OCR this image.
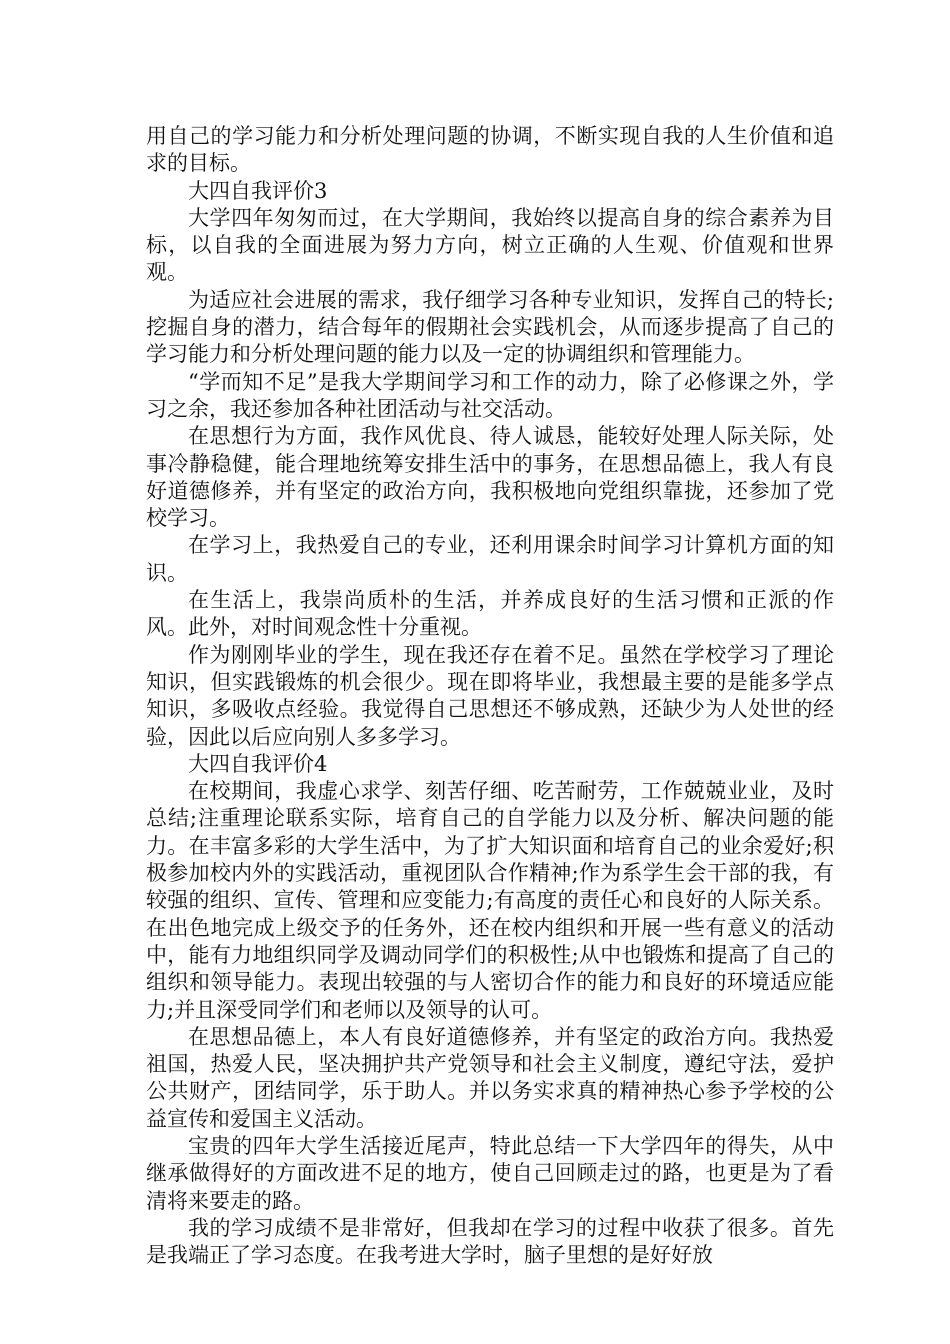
用自己的学习能力和分析处理问题的协调，不断实现自我的人生价值和追求的目标。

大四自我评价3

大学四年匆匆而过，在大学期间，我始终以提高自身的综合素养为目标，以自我的全面进展为努力方向，树立正确的人生观、价值观和世界观。

为适应社会进展的需求，我仔细学习各种专业知识，发挥自己的特长;挖掘自身的潜力，结合每年的假期社会实践机会，从而逐步提高了自己的学习能力和分析处理问题的能力以及一定的协调组织和管理能力。

“学而知不足”是我大学期间学习和工作的动力，除了必修课之外，学习之余，我还参加各种社团活动与社交活动。

在思想行为方面，我作风优良、待人诚恳，能较好处理人际关际，处事冷静稳健，能合理地统筹安排生活中的事务，在思想品德上，我人有良好道德修养，并有坚定的政治方向，我积极地向党组织靠拢，还参加了党校学习。

在学习上，我热爱自己的专业，还利用课余时间学习计算机方面的知识。

在生活上，我崇尚质朴的生活，并养成良好的生活习惯和正派的作风。此外，对时间观念性十分重视。

作为刚刚毕业的学生，现在我还存在着不足。虽然在学校学习了理论知识，但实践锻炼的机会很少。现在即将毕业，我想最主要的是能多学点知识，多吸收点经验。我觉得自己思想还不够成熟，还缺少为人处世的经验，因此以后应向别人多多学习。

大四自我评价4

在校期间，我虚心求学、刻苦仔细、吃苦耐劳，工作兢兢业业，及时总结;注重理论联系实际，培育自己的自学能力以及分析、解决问题的能力。在丰富多彩的大学生活中，为了扩大知识面和培育自己的业余爱好;积极参加校内外的实践活动，重视团队合作精神;作为系学生会干部的我，有较强的组织、宣传、管理和应变能力;有高度的责任心和良好的人际关系。在出色地完成上级交予的任务外，还在校内组织和开展一些有意义的活动中，能有力地组织同学及调动同学们的积极性;从中也锻炼和提高了自己的组织和领导能力。表现出较强的与人密切合作的能力和良好的环境适应能力;并且深受同学们和老师以及领导的认可。

在思想品德上，本人有良好道德修养，并有坚定的政治方向。我热爱祖国，热爱人民，坚决拥护共产党领导和社会主义制度，遵纪守法，爱护公共财产，团结同学，乐于助人。并以务实求真的精神热心参予学校的公益宣传和爱国主义活动。

宝贵的四年大学生活接近尾声，特此总结一下大学四年的得失，从中继承做得好的方面改进不足的地方，使自己回顾走过的路，也更是为了看清将来要走的路。

我的学习成绩不是非常好，但我却在学习的过程中收获了很多。首先是我端正了学习态度。在我考进大学时，脑子里想的是好好放
